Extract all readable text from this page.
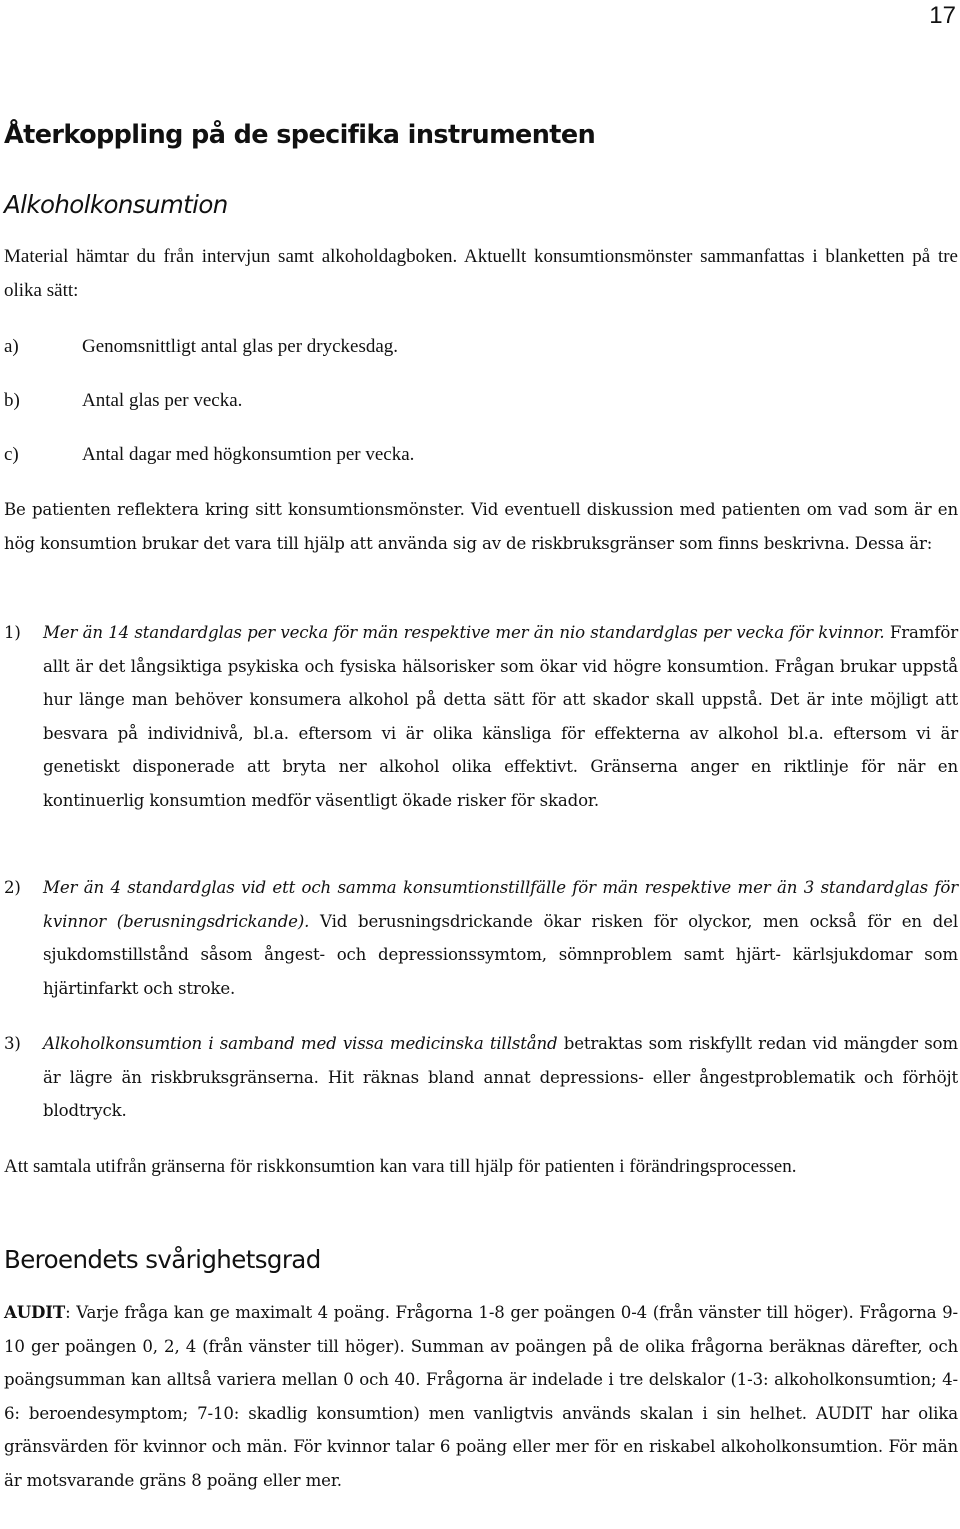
17
Återkoppling på de specifika instrumenten
Alkoholkonsumtion

Material hämtar du från intervjun samt alkoholdagboken. Aktuellt konsumtionsmönster sammanfattas i blanketten på tre olika sätt:

a)	Genomsnittligt antal glas per dryckesdag.
b)	Antal glas per vecka.
c)	Antal dagar med högkonsumtion per vecka.

Be patienten reflektera kring sitt konsumtionsmönster. Vid eventuell diskussion med patienten om vad som är en hög konsumtion brukar det vara till hjälp att använda sig av de riskbruksgränser som finns beskrivna. Dessa är:

1) Mer än 14 standardglas per vecka för män respektive mer än nio standardglas per vecka för kvinnor. Framför allt är det långsiktiga psykiska och fysiska hälsorisker som ökar vid högre konsumtion. Frågan brukar uppstå hur länge man behöver konsumera alkohol på detta sätt för att skador skall uppstå. Det är inte möjligt att besvara på individnivå, bl.a. eftersom vi är olika känsliga för effekterna av alkohol bl.a. eftersom vi är genetiskt disponerade att bryta ner alkohol olika effektivt. Gränserna anger en riktlinje för när en kontinuerlig konsumtion medför väsentligt ökade risker för skador.
2) Mer än 4 standardglas vid ett och samma konsumtionstillfälle för män respektive mer än 3 standardglas för kvinnor (berusningsdrickande). Vid berusningsdrickande ökar risken för olyckor, men också för en del sjukdomstillstånd såsom ångest- och depressionssymtom, sömnproblem samt hjärt- kärlsjukdomar som hjärtinfarkt och stroke.
3) Alkoholkonsumtion i samband med vissa medicinska tillstånd betraktas som riskfyllt redan vid mängder som är lägre än riskbruksgränserna. Hit räknas bland annat depressions- eller ångestproblematik och förhöjt blodtryck.

Att samtala utifrån gränserna för riskkonsumtion kan vara till hjälp för patienten i förändringsprocessen.

Beroendets svårighetsgrad

AUDIT: Varje fråga kan ge maximalt 4 poäng. Frågorna 1-8 ger poängen 0-4 (från vänster till höger). Frågorna 9-10 ger poängen 0, 2, 4 (från vänster till höger). Summan av poängen på de olika frågorna beräknas därefter, och poängsumman kan alltså variera mellan 0 och 40. Frågorna är indelade i tre delskalor (1-3: alkoholkonsumtion; 4-6: beroendesymptom; 7-10: skadlig konsumtion) men vanligtvis används skalan i sin helhet. AUDIT har olika gränsvärden för kvinnor och män. För kvinnor talar 6 poäng eller mer för en riskabel alkoholkonsumtion. För män är motsvarande gräns 8 poäng eller mer.
